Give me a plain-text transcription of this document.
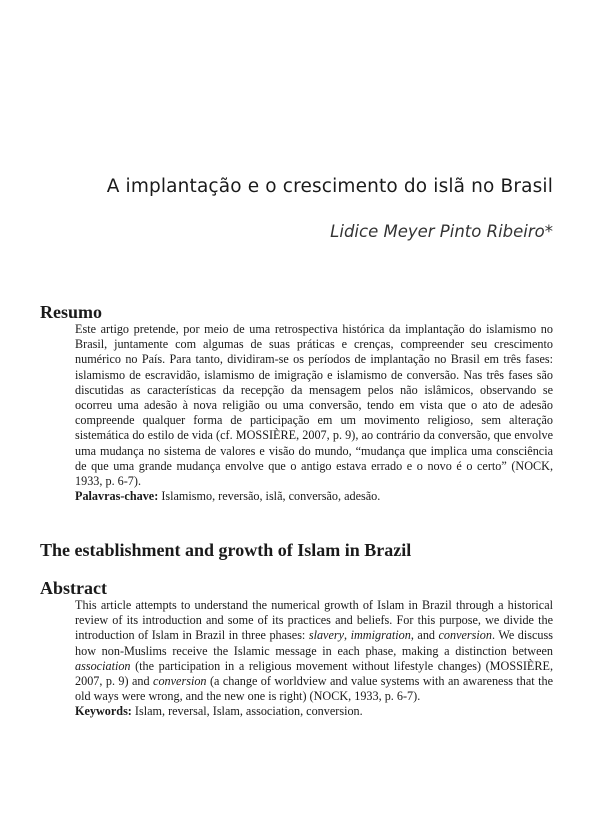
A implantação e o crescimento do islã no Brasil

Lidice Meyer Pinto Ribeiro*

Resumo

Este artigo pretende, por meio de uma retrospectiva histórica da implantação do islamismo no Brasil, juntamente com algumas de suas práticas e crenças, compreender seu crescimento numérico no País. Para tanto, dividiram-se os períodos de implantação no Brasil em três fases: islamismo de escravidão, islamismo de imigração e islamismo de conversão. Nas três fases são discutidas as características da recepção da mensagem pelos não islâmicos, observando se ocorreu uma adesão à nova religião ou uma conversão, tendo em vista que o ato de adesão compreende qualquer forma de participação em um movimento religioso, sem alteração sistemática do estilo de vida (cf. MOSSIÈRE, 2007, p. 9), ao contrário da conversão, que envolve uma mudança no sistema de valores e visão do mundo, “mudança que implica uma consciência de que uma grande mudança envolve que o antigo estava errado e o novo é o certo” (NOCK, 1933, p. 6-7).
Palavras-chave: Islamismo, reversão, islã, conversão, adesão.

The establishment and growth of Islam in Brazil
Abstract

This article attempts to understand the numerical growth of Islam in Brazil through a historical review of its introduction and some of its practices and beliefs. For this purpose, we divide the introduction of Islam in Brazil in three phases: slavery, immigration, and conversion. We discuss how non-Muslims receive the Islamic message in each phase, making a distinction between association (the participation in a religious movement without lifestyle changes) (MOSSIÈRE, 2007, p. 9) and conversion (a change of worldview and value systems with an awareness that the old ways were wrong, and the new one is right) (NOCK, 1933, p. 6-7).
Keywords: Islam, reversal, Islam, association, conversion.
